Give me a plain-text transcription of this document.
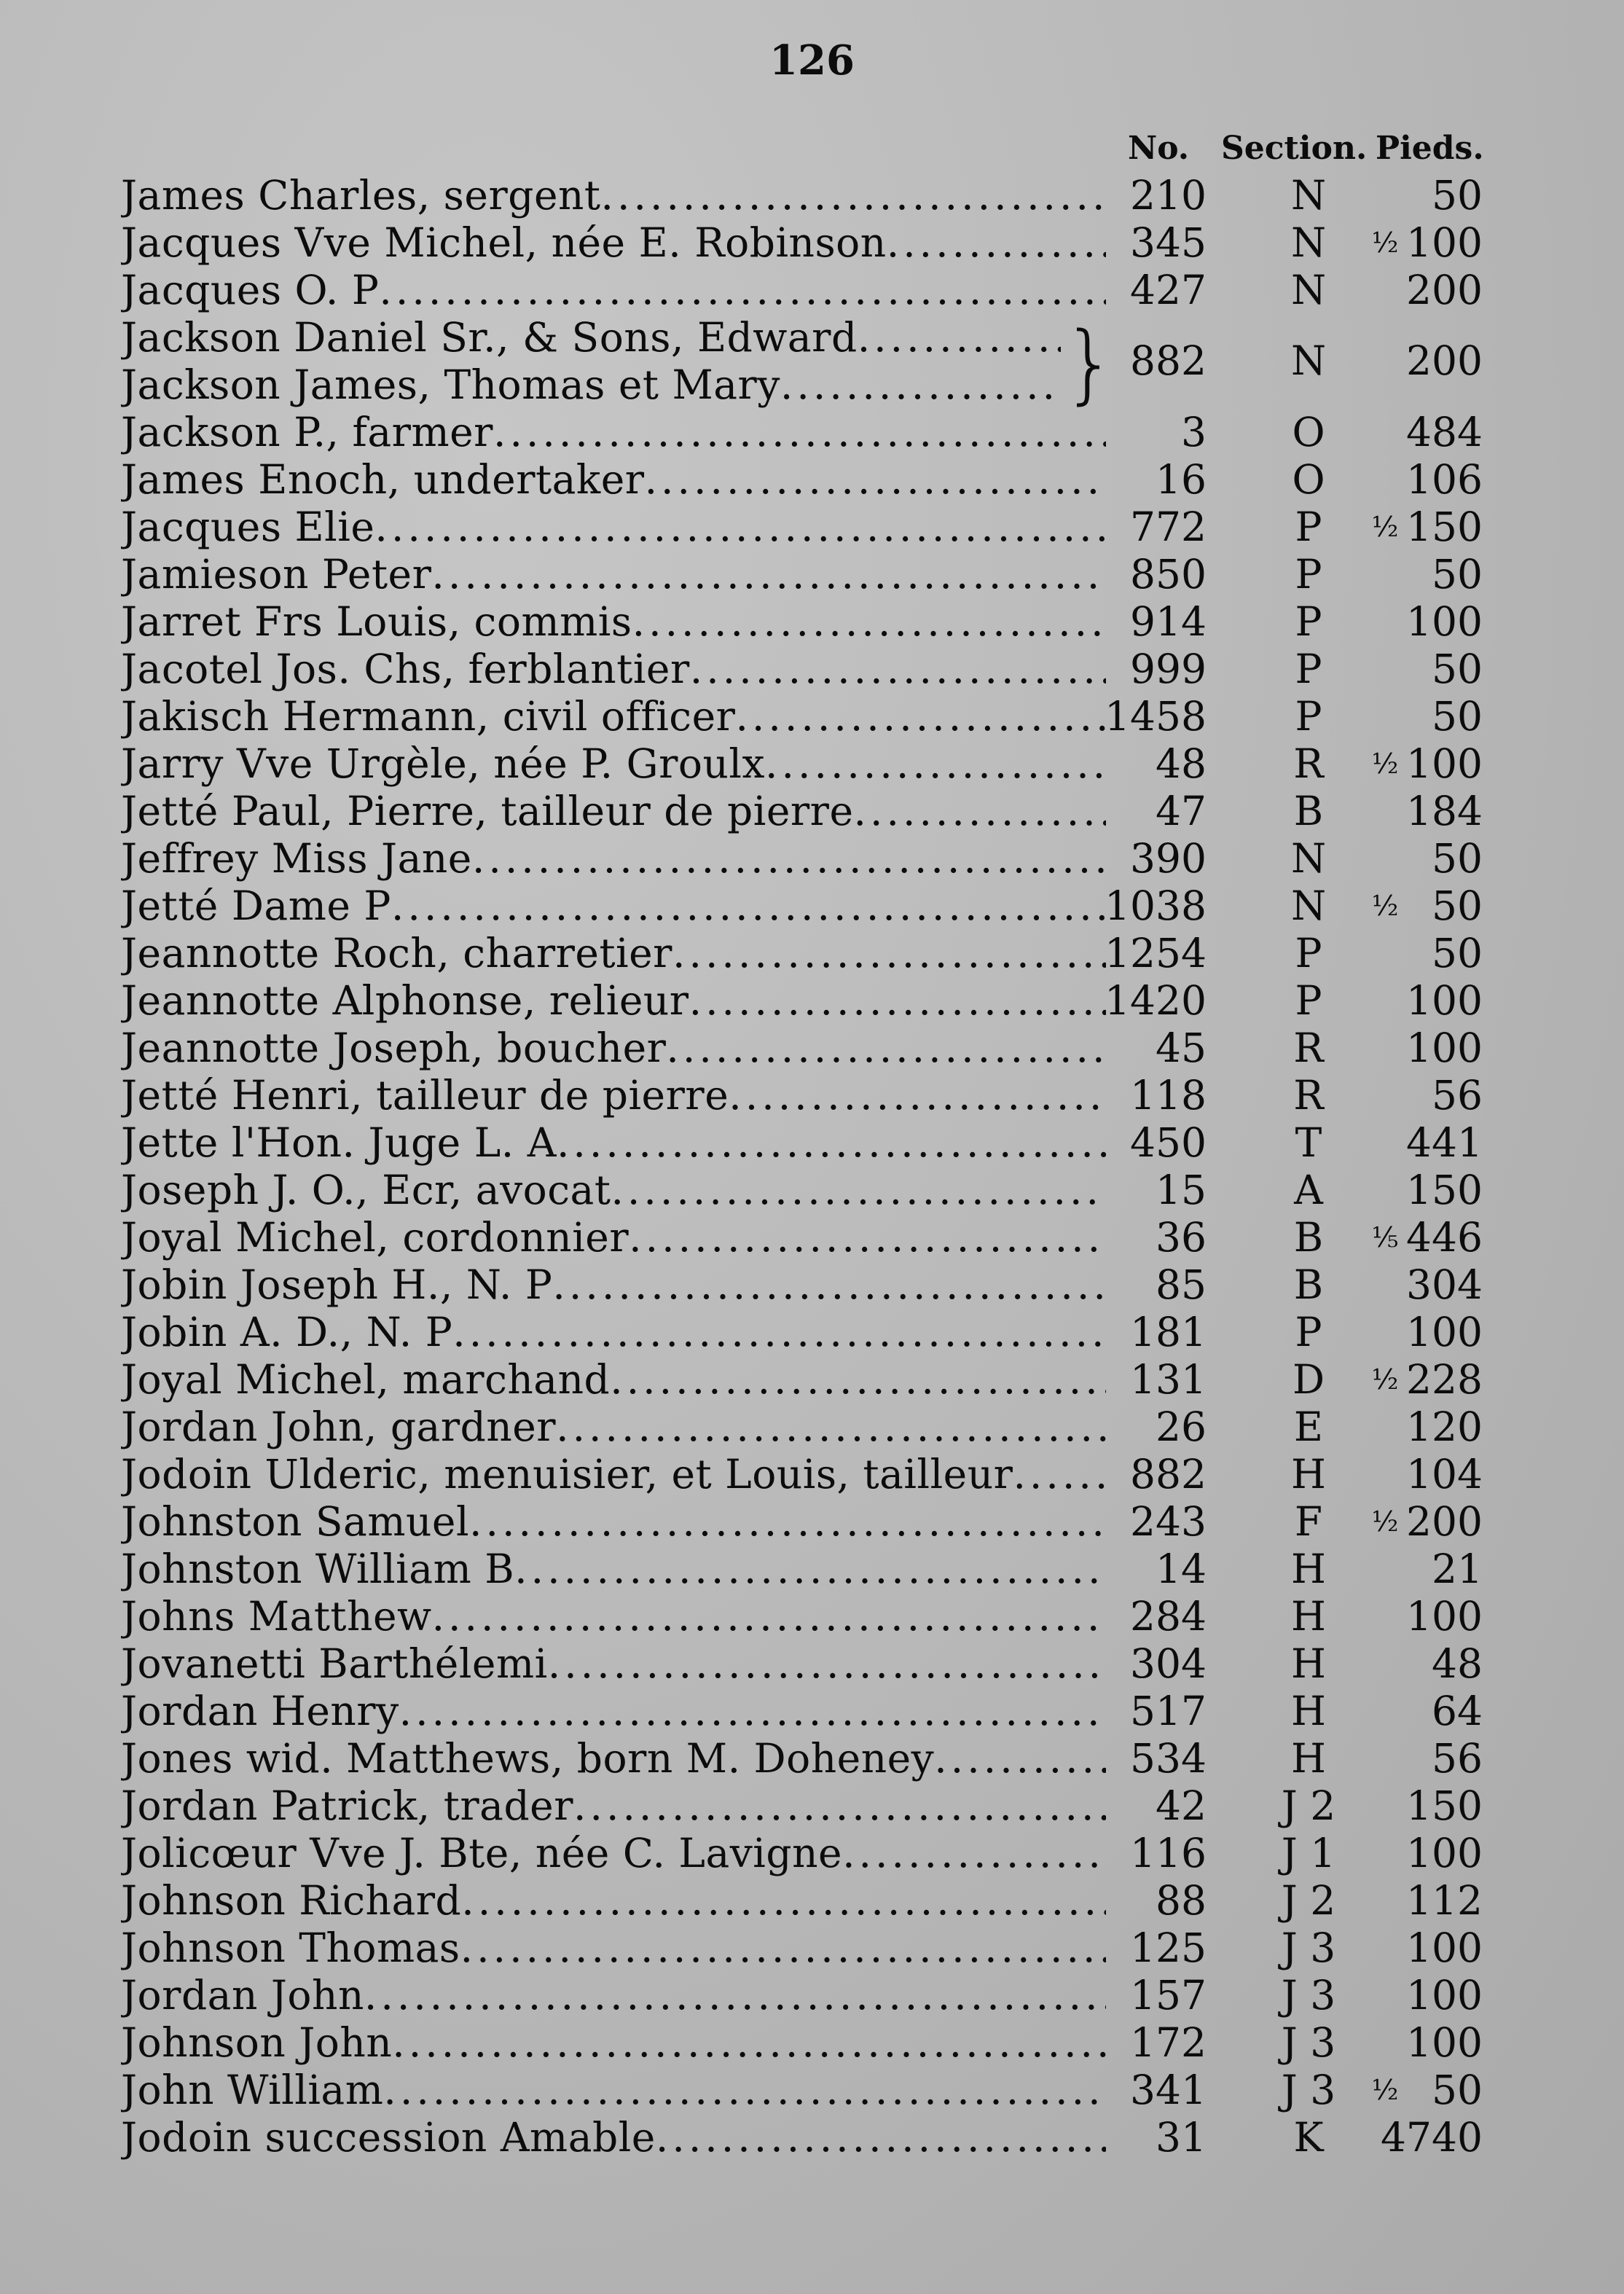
126
No. Section. Pieds.
James Charles, sergent .....	210	N	50
Jacques Vve Michel, née E. Robinson .....	345	N	½ 100
Jacques O. P .....	427	N	200
Jackson Daniel Sr., & Sons, Edward
.....
Jackson James, Thomas et Mary .....	} 882	N	200
Jackson P., farmer .....	3	O	484
James Enoch, undertaker .....	16	O	106
Jacques Elie .....	772	P	½ 150
Jamieson Peter .....	850	P	50
Jarret Frs Louis, commis .....	914	P	100
Jacotel Jos. Chs, ferblantier .....	999	P	50
Jakisch Hermann, civil officer .....	1458	P	50
Jarry Vve Urgèle, née P. Groulx .....	48	R	½ 100
Jetté Paul, Pierre, tailleur de pierre .....	47	B	184
Jeffrey Miss Jane .....	390	N	50
Jetté Dame P .....	1038	N	½ 50
Jeannotte Roch, charretier .....	1254	P	50
Jeannotte Alphonse, relieur .....	1420	P	100
Jeannotte Joseph, boucher .....	45	R	100
Jetté Henri, tailleur de pierre .....	118	R	56
Jette l'Hon. Juge L. A .....	450	T	441
Joseph J. O., Ecr, avocat .....	15	A	150
Joyal Michel, cordonnier .....	36	B	⅕ 446
Jobin Joseph H., N. P .....	85	B	304
Jobin A. D., N. P .....	181	P	100
Joyal Michel, marchand .....	131	D	½ 228
Jordan John, gardner .....	26	E	120
Jodoin Ulderic, menuisier, et Louis, tailleur .....	882	H	104
Johnston Samuel .....	243	F	½ 200
Johnston William B .....	14	H	21
Johns Matthew .....	284	H	100
Jovanetti Barthélemi .....	304	H	48
Jordan Henry .....	517	H	64
Jones wid. Matthews, born M. Doheney .....	534	H	56
Jordan Patrick, trader .....	42	J 2	150
Jolicœur Vve J. Bte, née C. Lavigne .....	116	J 1	100
Johnson Richard .....	88	J 2	112
Johnson Thomas .....	125	J 3	100
Jordan John .....	157	J 3	100
Johnson John .....	172	J 3	100
John William .....	341	J 3	½ 50
Jodoin succession Amable .....	31	K	4740
